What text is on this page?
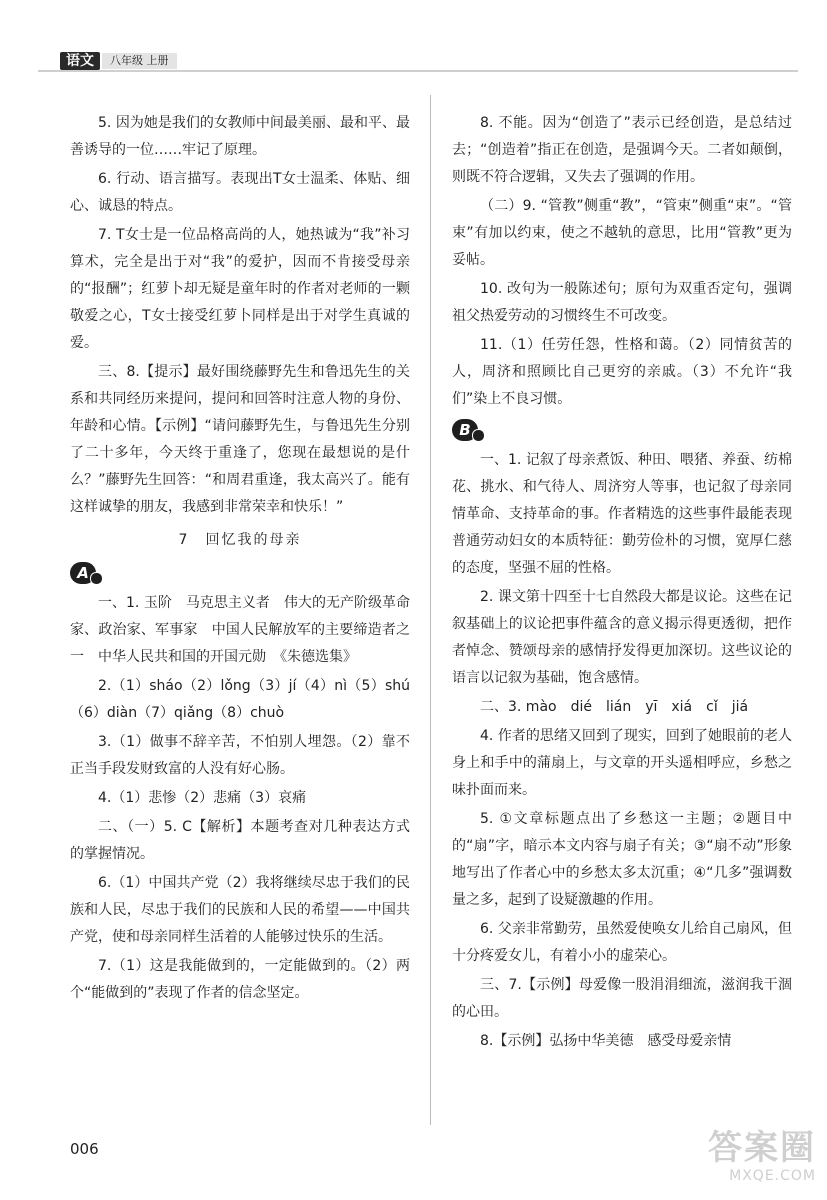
语文	八年级 上册

5. 因为她是我们的女教师中间最美丽、最和平、最善诱导的一位……牢记了原理。

6. 行动、语言描写。表现出T女士温柔、体贴、细心、诚恳的特点。

7. T女士是一位品格高尚的人，她热诚为“我”补习算术，完全是出于对“我”的爱护，因而不肯接受母亲的“报酬”；红萝卜却无疑是童年时的作者对老师的一颗敬爱之心，T女士接受红萝卜同样是出于对学生真诚的爱。

三、8.【提示】最好围绕藤野先生和鲁迅先生的关系和共同经历来提问，提问和回答时注意人物的身份、年龄和心情。【示例】“请问藤野先生，与鲁迅先生分别了二十多年，今天终于重逢了，您现在最想说的是什么？”藤野先生回答：“和周君重逢，我太高兴了。能有这样诚挚的朋友，我感到非常荣幸和快乐！”

7　回忆我的母亲
A

一、1. 玉阶　马克思主义者　伟大的无产阶级革命家、政治家、军事家　中国人民解放军的主要缔造者之一　中华人民共和国的开国元勋　《朱德选集》

2.（1）sháo（2）lǒng（3）jí（4）nì（5）shú（6）diàn（7）qiǎng（8）chuò

3.（1）做事不辞辛苦，不怕别人埋怨。（2）靠不正当手段发财致富的人没有好心肠。

4.（1）悲惨（2）悲痛（3）哀痛

二、（一）5. C【解析】本题考查对几种表达方式的掌握情况。

6.（1）中国共产党（2）我将继续尽忠于我们的民族和人民，尽忠于我们的民族和人民的希望——中国共产党，使和母亲同样生活着的人能够过快乐的生活。

7.（1）这是我能做到的，一定能做到的。（2）两个“能做到的”表现了作者的信念坚定。

8. 不能。因为“创造了”表示已经创造，是总结过去；“创造着”指正在创造，是强调今天。二者如颠倒，则既不符合逻辑，又失去了强调的作用。

（二）9. “管教”侧重“教”，“管束”侧重“束”。“管束”有加以约束，使之不越轨的意思，比用“管教”更为妥帖。

10. 改句为一般陈述句；原句为双重否定句，强调祖父热爱劳动的习惯终生不可改变。

11.（1）任劳任怨，性格和蔼。（2）同情贫苦的人，周济和照顾比自己更穷的亲戚。（3）不允许“我们”染上不良习惯。

B

一、1. 记叙了母亲煮饭、种田、喂猪、养蚕、纺棉花、挑水、和气待人、周济穷人等事，也记叙了母亲同情革命、支持革命的事。作者精选的这些事件最能表现普通劳动妇女的本质特征：勤劳俭朴的习惯，宽厚仁慈的态度，坚强不屈的性格。

2. 课文第十四至十七自然段大都是议论。这些在记叙基础上的议论把事件蕴含的意义揭示得更透彻，把作者悼念、赞颂母亲的感情抒发得更加深切。这些议论的语言以记叙为基础，饱含感情。

二、3. mào　dié　lián　yī　xiá　cǐ　jiá

4. 作者的思绪又回到了现实，回到了她眼前的老人身上和手中的蒲扇上，与文章的开头遥相呼应，乡愁之味扑面而来。

5. ①文章标题点出了乡愁这一主题；②题目中的“扇”字，暗示本文内容与扇子有关；③“扇不动”形象地写出了作者心中的乡愁太多太沉重；④“几多”强调数量之多，起到了设疑激趣的作用。

6. 父亲非常勤劳，虽然爱使唤女儿给自己扇风，但十分疼爱女儿，有着小小的虚荣心。

三、7.【示例】母爱像一股涓涓细流，滋润我干涸的心田。

8.【示例】弘扬中华美德　感受母爱亲情

006	答案圈
MXQE.COM
